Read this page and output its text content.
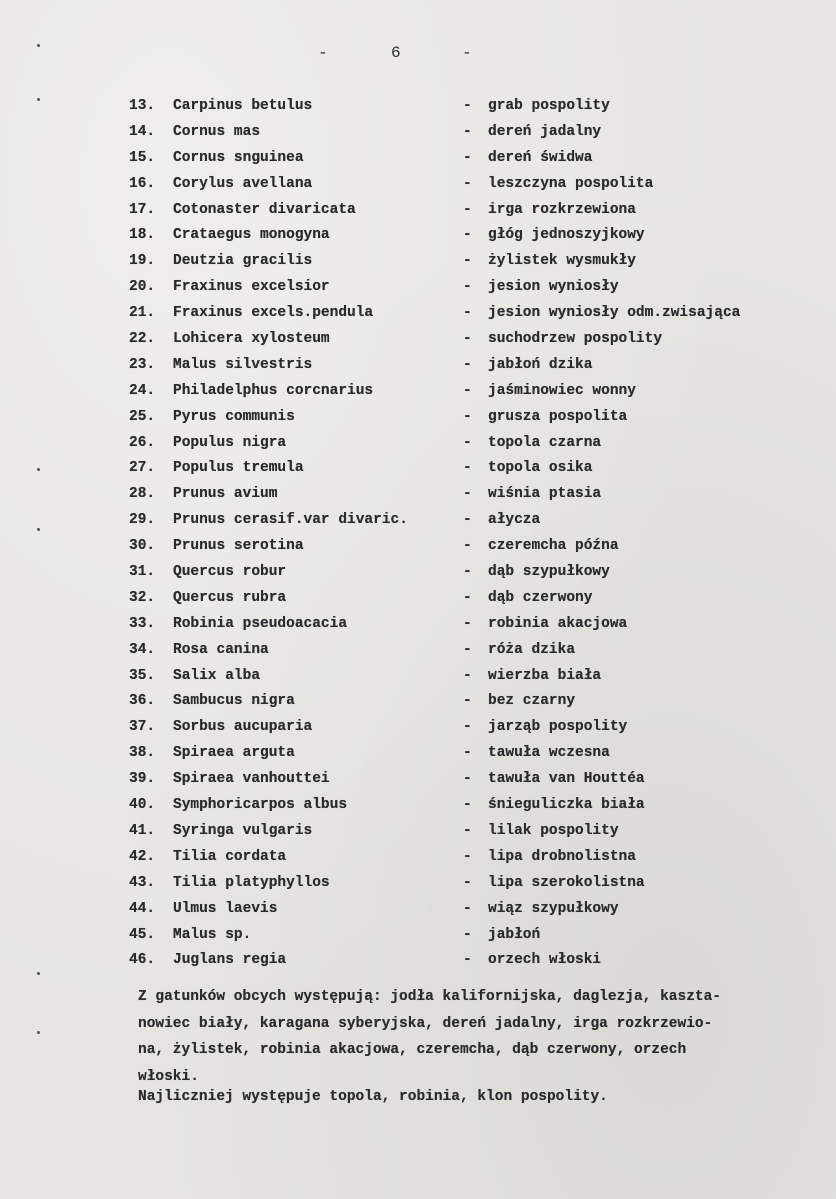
-	6	-
13. Carpinus betulus	- grab pospolity
14. Cornus mas	- dereń jadalny
15. Cornus snguinea	- dereń świdwa
16. Corylus avellana	- leszczyna pospolita
17. Cotonaster divaricata	- irga rozkrzewiona
18. Crataegus monogyna	- głóg jednoszyjkowy
19. Deutzia gracilis	- żylistek wysmukły
20. Fraxinus excelsior	- jesion wyniosły
21. Fraxinus excels.pendula	- jesion wyniosły odm.zwisająca
22. Lohicera xylosteum	- suchodrzew pospolity
23. Malus silvestris	- jabłoń dzika
24. Philadelphus corcnarius	- jaśminowiec wonny
25. Pyrus communis	- grusza pospolita
26. Populus nigra	- topola czarna
27. Populus tremula	- topola osika
28. Prunus avium	- wiśnia ptasia
29. Prunus cerasif.var divaric.	- ałycza
30. Prunus serotina	- czeremcha późna
31. Quercus robur	- dąb szypułkowy
32. Quercus rubra	- dąb czerwony
33. Robinia pseudoacacia	- robinia akacjowa
34. Rosa canina	- róża dzika
35. Salix alba	- wierzba biała
36. Sambucus nigra	- bez czarny
37. Sorbus aucuparia	- jarząb pospolity
38. Spiraea arguta	- tawuła wczesna
39. Spiraea vanhouttei	- tawuła van Houttéa
40. Symphoricarpos albus	- śnieguliczka biała
41. Syringa vulgaris	- lilak pospolity
42. Tilia cordata	- lipa drobnolistna
43. Tilia platyphyllos	- lipa szerokolistna
44. Ulmus laevis	- wiąz szypułkowy
45. Malus sp.	- jabłoń
46. Juglans regia	- orzech włoski

Z gatunków obcych występują: jodła kalifornijska, daglezja, kaszta-
nowiec biały, karagana syberyjska, dereń jadalny, irga rozkrzewio-
na, żylistek, robinia akacjowa, czeremcha, dąb czerwony, orzech
włoski.

Najliczniej występuje topola, robinia, klon pospolity.
